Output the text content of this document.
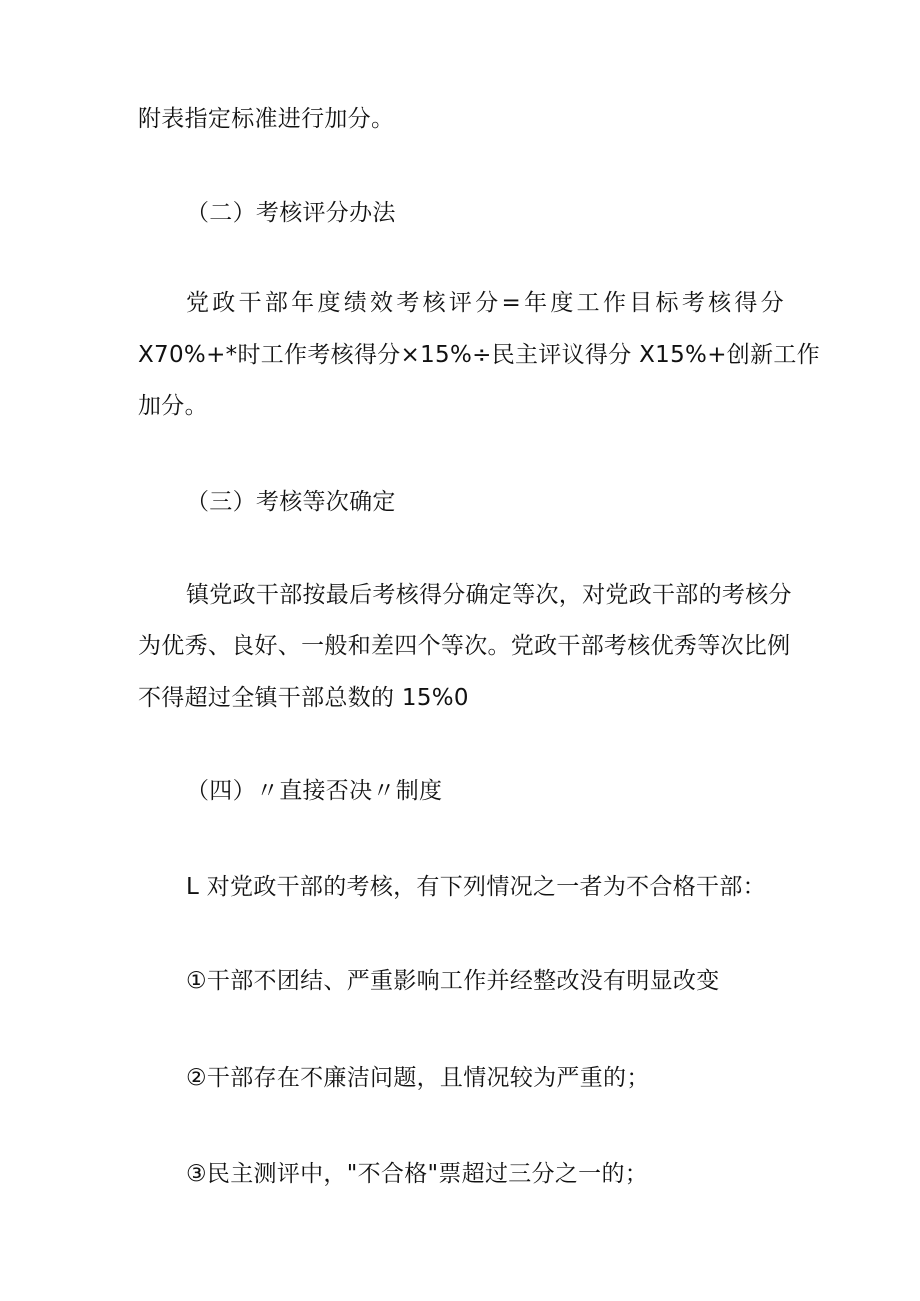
附表指定标准进行加分。
（二）考核评分办法
党政干部年度绩效考核评分=年度工作目标考核得分
X70%+*时工作考核得分×15%÷民主评议得分 X15%+创新工作
加分。
（三）考核等次确定
镇党政干部按最后考核得分确定等次，对党政干部的考核分
为优秀、良好、一般和差四个等次。党政干部考核优秀等次比例
不得超过全镇干部总数的 15%0
（四）〃直接否决〃制度
L 对党政干部的考核，有下列情况之一者为不合格干部：
①干部不团结、严重影响工作并经整改没有明显改变
②干部存在不廉洁问题，且情况较为严重的；
③民主测评中，"不合格"票超过三分之一的；
